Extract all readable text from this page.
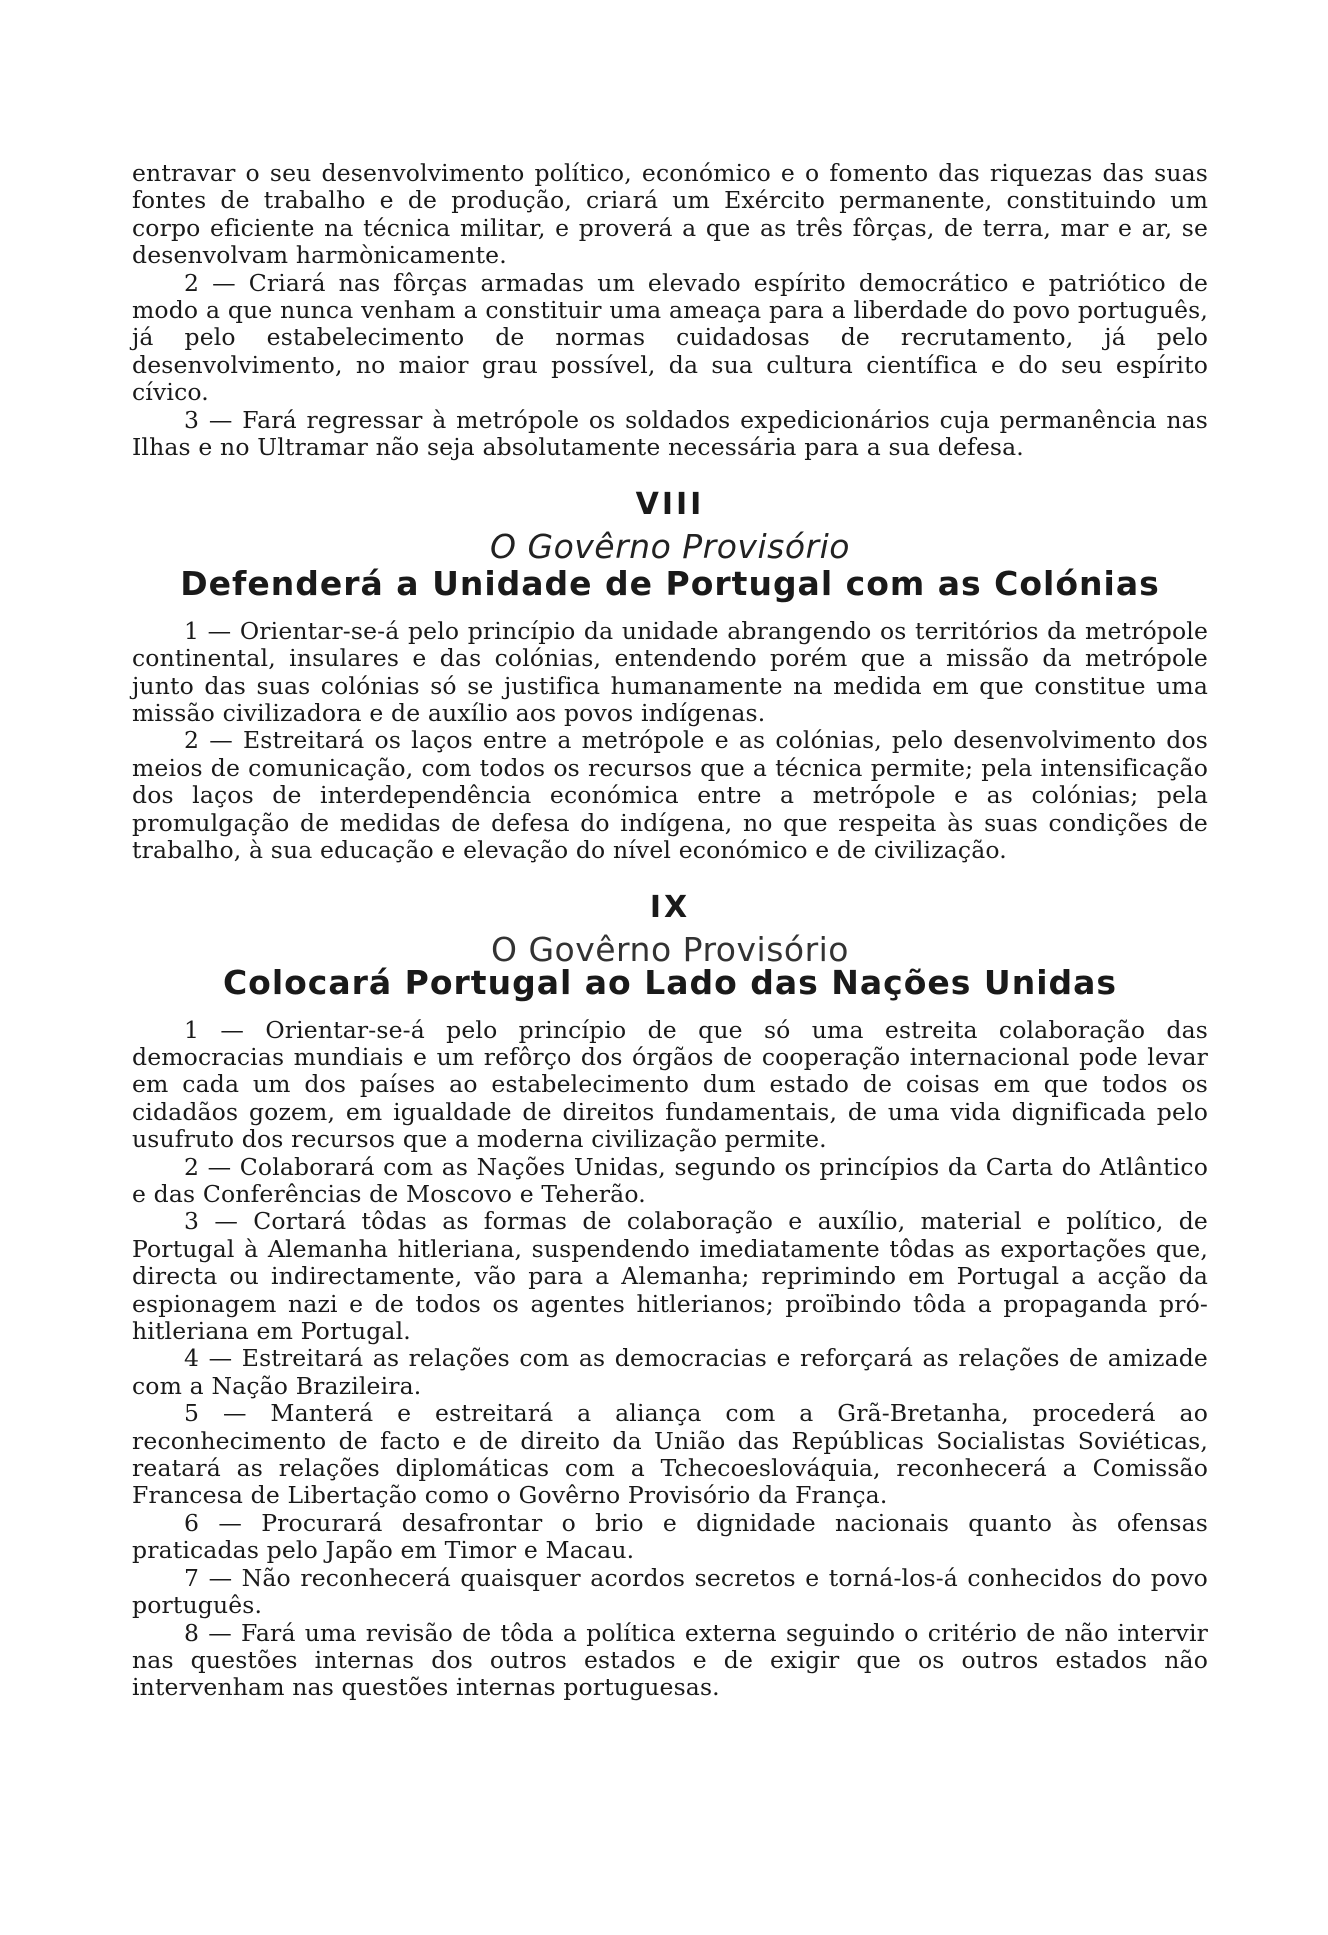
entravar o seu desenvolvimento político, económico e o fomento das riquezas das suas fontes de trabalho e de produção, criará um Exército permanente, constituindo um corpo eficiente na técnica militar, e proverá a que as três fôrças, de terra, mar e ar, se desenvolvam harmònicamente.

2 — Criará nas fôrças armadas um elevado espírito democrático e patriótico de modo a que nunca venham a constituir uma ameaça para a liberdade do povo português, já pelo estabelecimento de normas cuidadosas de recrutamento, já pelo desenvolvimento, no maior grau possível, da sua cultura científica e do seu espírito cívico.

3 — Fará regressar à metrópole os soldados expedicionários cuja permanência nas Ilhas e no Ultramar não seja absolutamente necessária para a sua defesa.

VIII
O Govêrno Provisório
Defenderá a Unidade de Portugal com as Colónias

1 — Orientar-se-á pelo princípio da unidade abrangendo os territórios da metrópole continental, insulares e das colónias, entendendo porém que a missão da metrópole junto das suas colónias só se justifica humanamente na medida em que constitue uma missão civilizadora e de auxílio aos povos indígenas.

2 — Estreitará os laços entre a metrópole e as colónias, pelo desenvolvimento dos meios de comunicação, com todos os recursos que a técnica permite; pela intensificação dos laços de interdependência económica entre a metrópole e as colónias; pela promulgação de medidas de defesa do indígena, no que respeita às suas condições de trabalho, à sua educação e elevação do nível económico e de civilização.

IX
O Govêrno Provisório
Colocará Portugal ao Lado das Nações Unidas

1 — Orientar-se-á pelo princípio de que só uma estreita colaboração das democracias mundiais e um refôrço dos órgãos de cooperação internacional pode levar em cada um dos países ao estabelecimento dum estado de coisas em que todos os cidadãos gozem, em igualdade de direitos fundamentais, de uma vida dignificada pelo usufruto dos recursos que a moderna civilização permite.

2 — Colaborará com as Nações Unidas, segundo os princípios da Carta do Atlântico e das Conferências de Moscovo e Teherão.

3 — Cortará tôdas as formas de colaboração e auxílio, material e político, de Portugal à Alemanha hitleriana, suspendendo imediatamente tôdas as exportações que, directa ou indirectamente, vão para a Alemanha; reprimindo em Portugal a acção da espionagem nazi e de todos os agentes hitlerianos; proïbindo tôda a propaganda pró-hitleriana em Portugal.

4 — Estreitará as relações com as democracias e reforçará as relações de amizade com a Nação Brazileira.

5 — Manterá e estreitará a aliança com a Grã-Bretanha, procederá ao reconhecimento de facto e de direito da União das Repúblicas Socialistas Soviéticas, reatará as relações diplomáticas com a Tchecoeslováquia, reconhecerá a Comissão Francesa de Libertação como o Govêrno Provisório da França.

6 — Procurará desafrontar o brio e dignidade nacionais quanto às ofensas praticadas pelo Japão em Timor e Macau.

7 — Não reconhecerá quaisquer acordos secretos e torná-los-á conhecidos do povo português.

8 — Fará uma revisão de tôda a política externa seguindo o critério de não intervir nas questões internas dos outros estados e de exigir que os outros estados não intervenham nas questões internas portuguesas.
